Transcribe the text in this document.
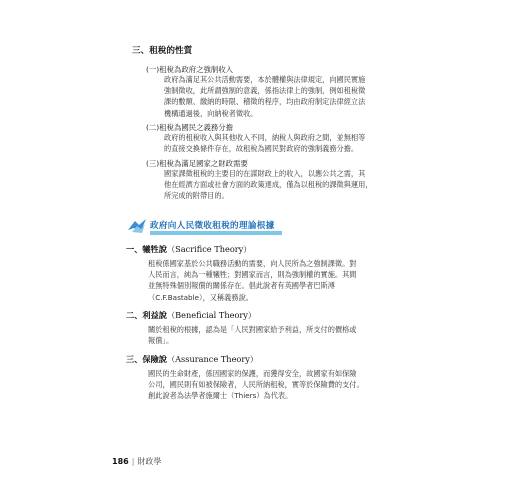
三、租稅的性質
(一)租稅為政府之強制收入
政府為滿足其公共活動需要，本於體權與法律規定，向國民實施
強制徵收，此所謂強制的意義，係指法律上的強制，例如租稅徵
課的數額、繳納的時限、稽徵的程序，均由政府制定法律經立法
機構通過後，向納稅者徵收。
(二)租稅為國民之義務分擔
政府的租稅收入與其他收入不同，納稅人與政府之間，並無相等
的直接交換條件存在，故租稅為國民對政府的強制義務分擔。
(三)租稅為滿足國家之財政需要
國家課徵租稅的主要目的在謀財政上的收入，以應公共之需，其
他在經濟方面或社會方面的政策達成，僅為以租稅的課徵與運用，
所完成的附帶目的。
政府向人民徵收租稅的理論根據
一、犧牲說（Sacrifice Theory）
租稅係國家基於公共職務活動的需要，向人民所為之強制課徵。對
人民而言，純為一種犧牲；對國家而言，則為強制權的實施。其間
並無特殊個別報償的關係存在。倡此說者有英國學者巴斯溥
（C.F.Bastable），又稱義務說。
二、利益說（Beneficial Theory）
關於租稅的根據，認為是「人民對國家給予利益，所支付的價格或
報償」。
三、保險說（Assurance Theory）
國民的生命財產，係因國家的保護，而獲得安全，故國家有如保險
公司，國民則有如被保險者，人民所納租稅，實等於保險費的支付。
創此說者為法學者施爾士（Thiers）為代表。
186 | 財政學
